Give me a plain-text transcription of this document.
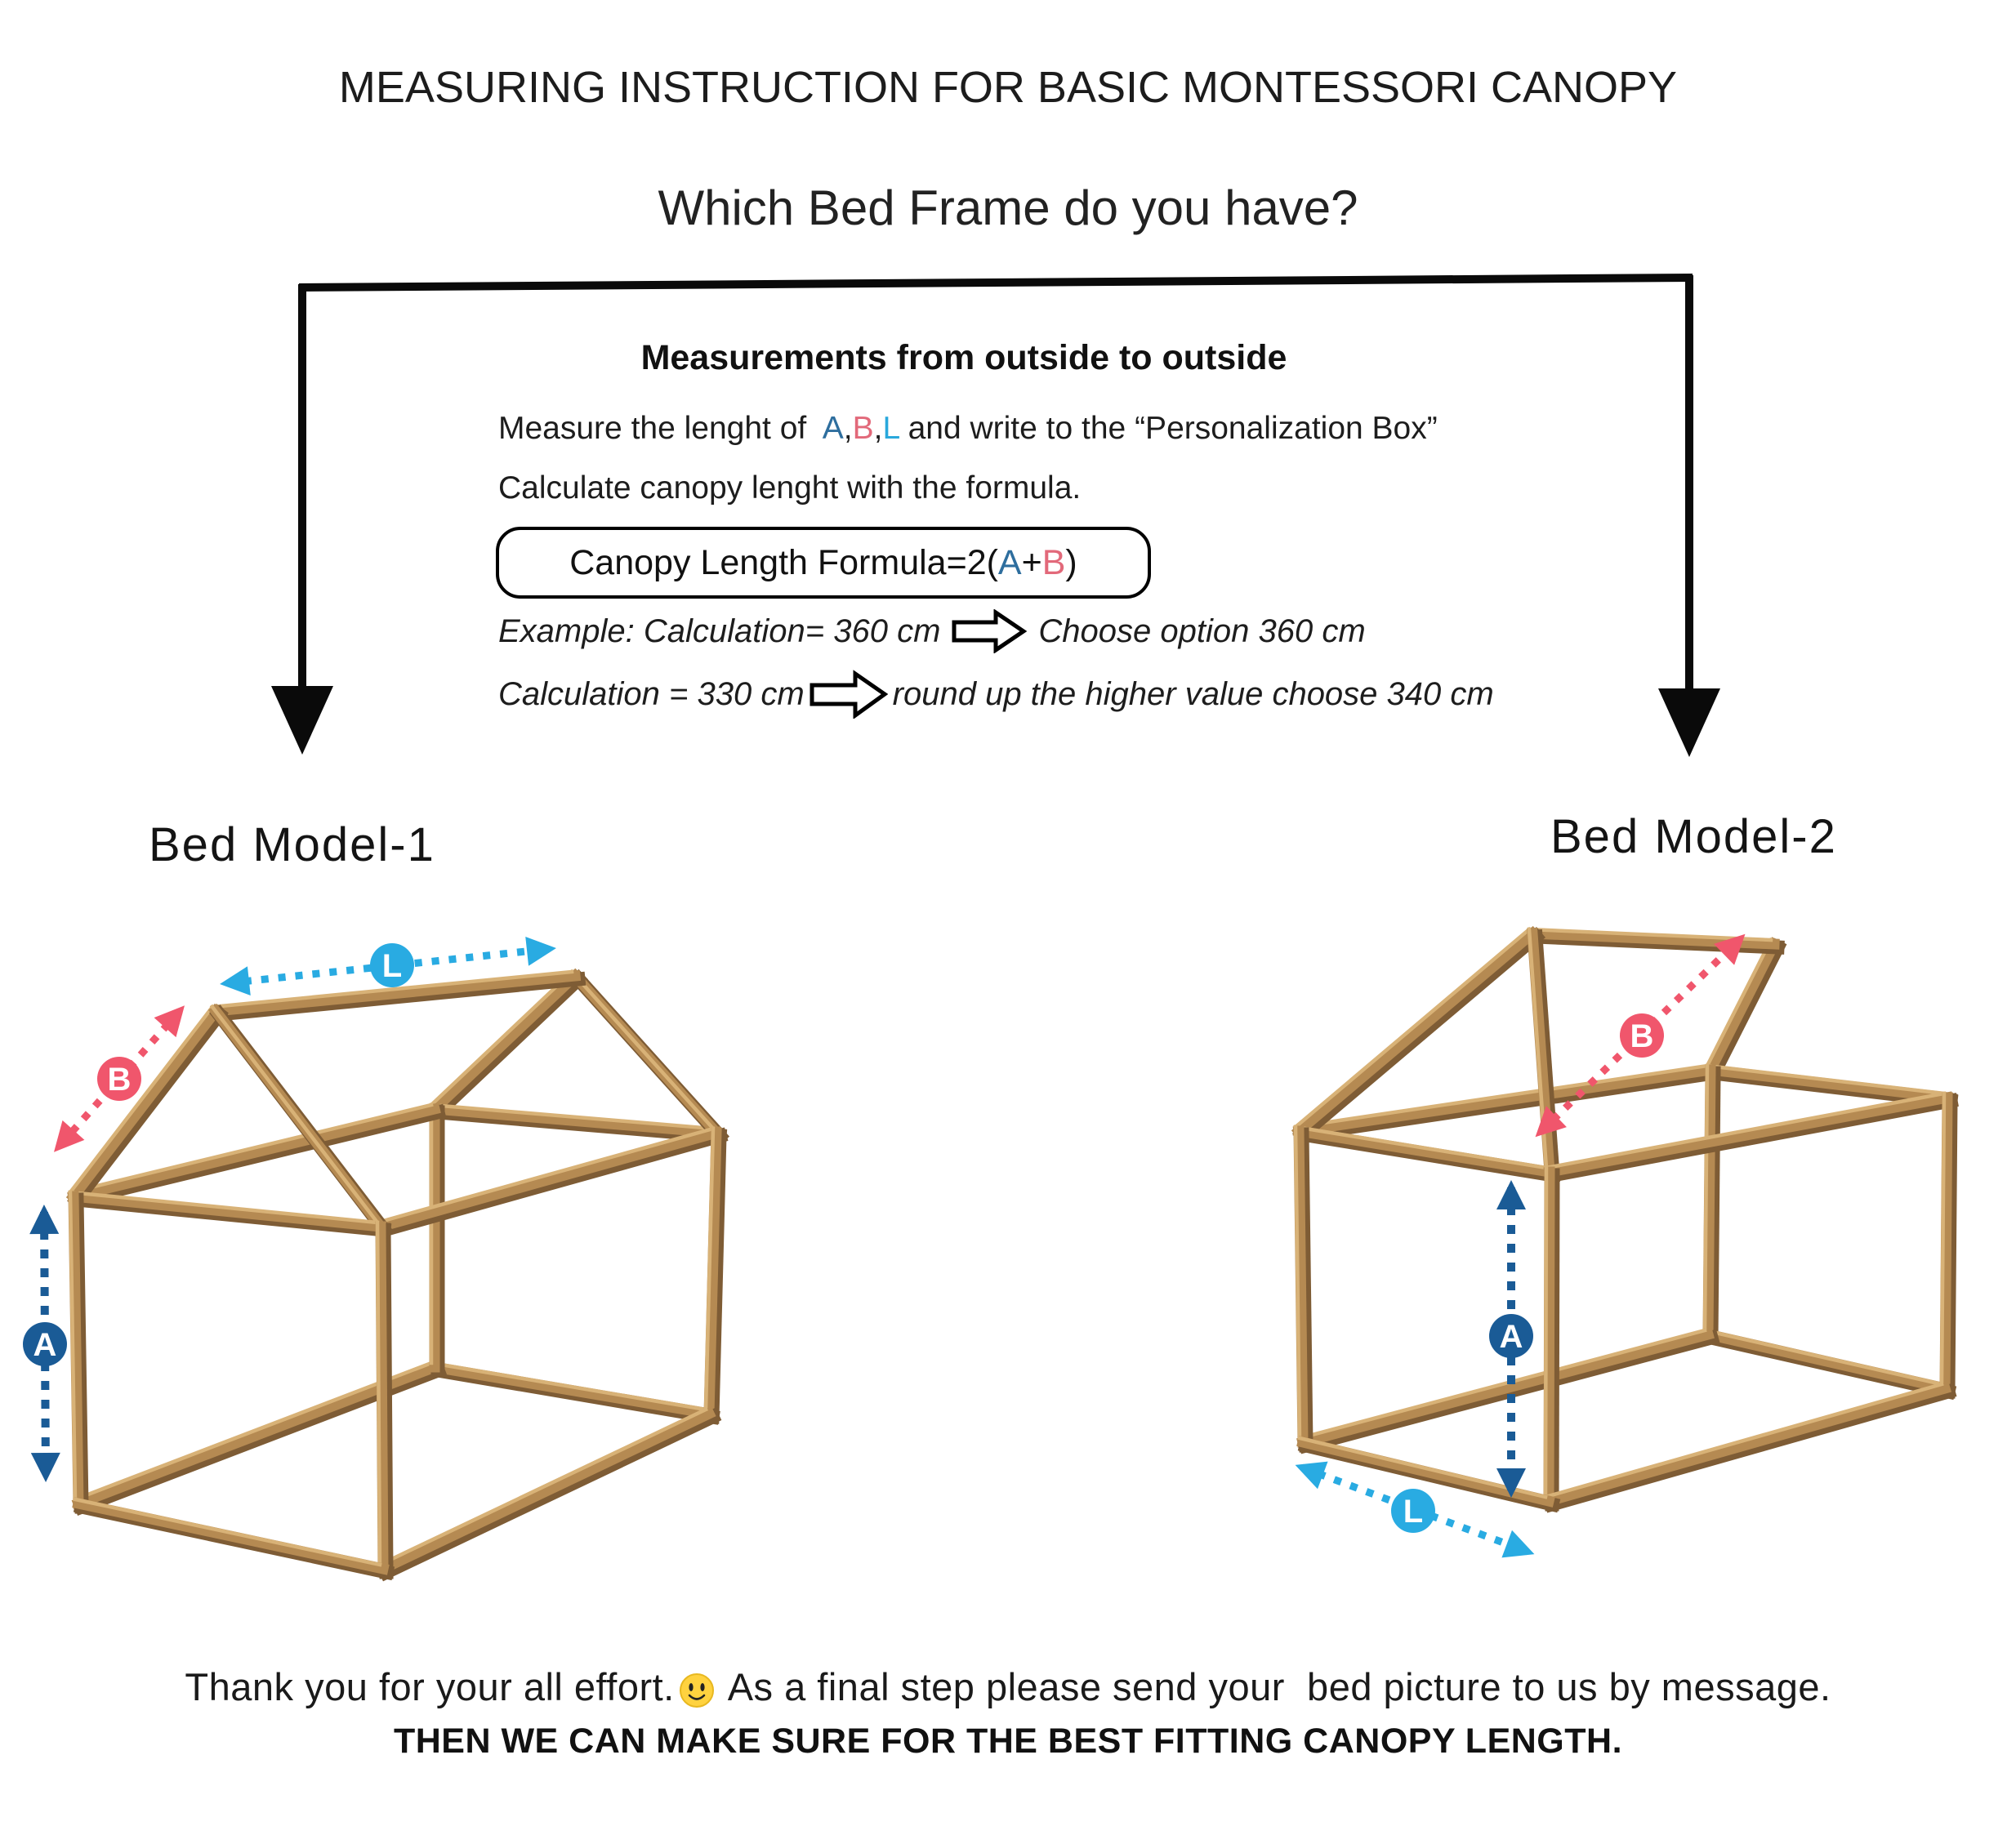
MEASURING INSTRUCTION FOR BASIC MONTESSORI CANOPY
Which Bed Frame do you have?
Measurements from outside to outside
Measure the lenght of  A,B,L and write to the “Personalization Box”
Calculate canopy lenght with the formula.
Canopy Length Formula=2( A + B )
Example: Calculation= 360 cm	Choose option 360 cm
Calculation = 330 cm	round up the higher value choose 340 cm
Bed Model-1	Bed Model-2
L
B
A
B
A
L
Thank you for your all effort. As a final step please send your  bed picture to us by message.
THEN WE CAN MAKE SURE FOR THE BEST FITTING CANOPY LENGTH.
